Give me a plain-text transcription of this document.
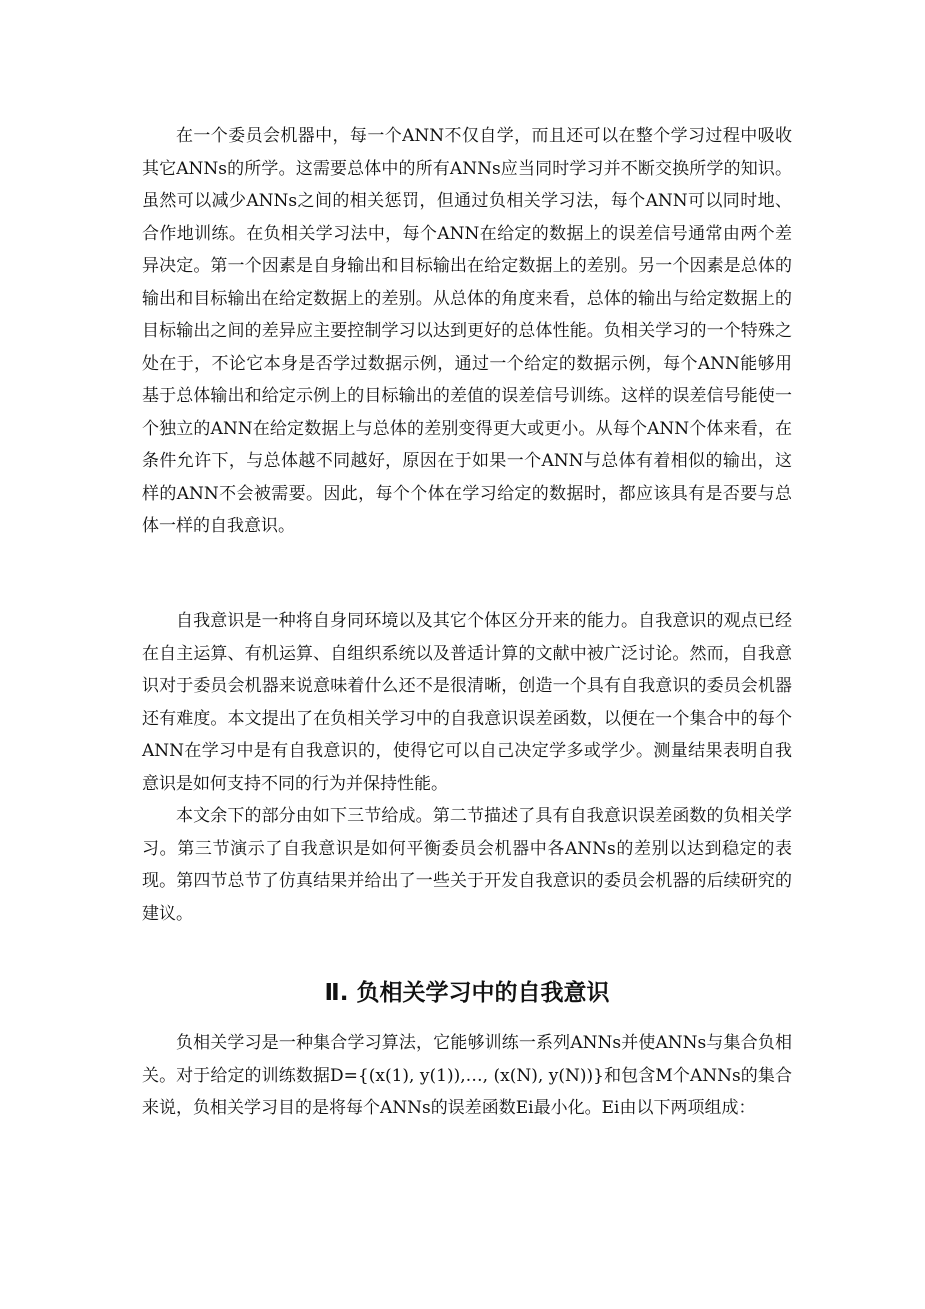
在一个委员会机器中，每一个ANN不仅自学，而且还可以在整个学习过程中吸收其它ANNs的所学。这需要总体中的所有ANNs应当同时学习并不断交换所学的知识。虽然可以减少ANNs之间的相关惩罚，但通过负相关学习法，每个ANN可以同时地、合作地训练。在负相关学习法中，每个ANN在给定的数据上的误差信号通常由两个差异决定。第一个因素是自身输出和目标输出在给定数据上的差别。另一个因素是总体的输出和目标输出在给定数据上的差别。从总体的角度来看，总体的输出与给定数据上的目标输出之间的差异应主要控制学习以达到更好的总体性能。负相关学习的一个特殊之处在于，不论它本身是否学过数据示例，通过一个给定的数据示例，每个ANN能够用基于总体输出和给定示例上的目标输出的差值的误差信号训练。这样的误差信号能使一个独立的ANN在给定数据上与总体的差别变得更大或更小。从每个ANN个体来看，在条件允许下，与总体越不同越好，原因在于如果一个ANN与总体有着相似的输出，这样的ANN不会被需要。因此，每个个体在学习给定的数据时，都应该具有是否要与总体一样的自我意识。

自我意识是一种将自身同环境以及其它个体区分开来的能力。自我意识的观点已经在自主运算、有机运算、自组织系统以及普适计算的文献中被广泛讨论。然而，自我意识对于委员会机器来说意味着什么还不是很清晰，创造一个具有自我意识的委员会机器还有难度。本文提出了在负相关学习中的自我意识误差函数，以便在一个集合中的每个ANN在学习中是有自我意识的，使得它可以自己决定学多或学少。测量结果表明自我意识是如何支持不同的行为并保持性能。

本文余下的部分由如下三节给成。第二节描述了具有自我意识误差函数的负相关学习。第三节演示了自我意识是如何平衡委员会机器中各ANNs的差别以达到稳定的表现。第四节总节了仿真结果并给出了一些关于开发自我意识的委员会机器的后续研究的建议。

Ⅱ. 负相关学习中的自我意识

负相关学习是一种集合学习算法，它能够训练一系列ANNs并使ANNs与集合负相关。对于给定的训练数据D={(x(1), y(1)),…, (x(N), y(N))}和包含M个ANNs的集合来说，负相关学习目的是将每个ANNs的误差函数Ei最小化。Ei由以下两项组成：
